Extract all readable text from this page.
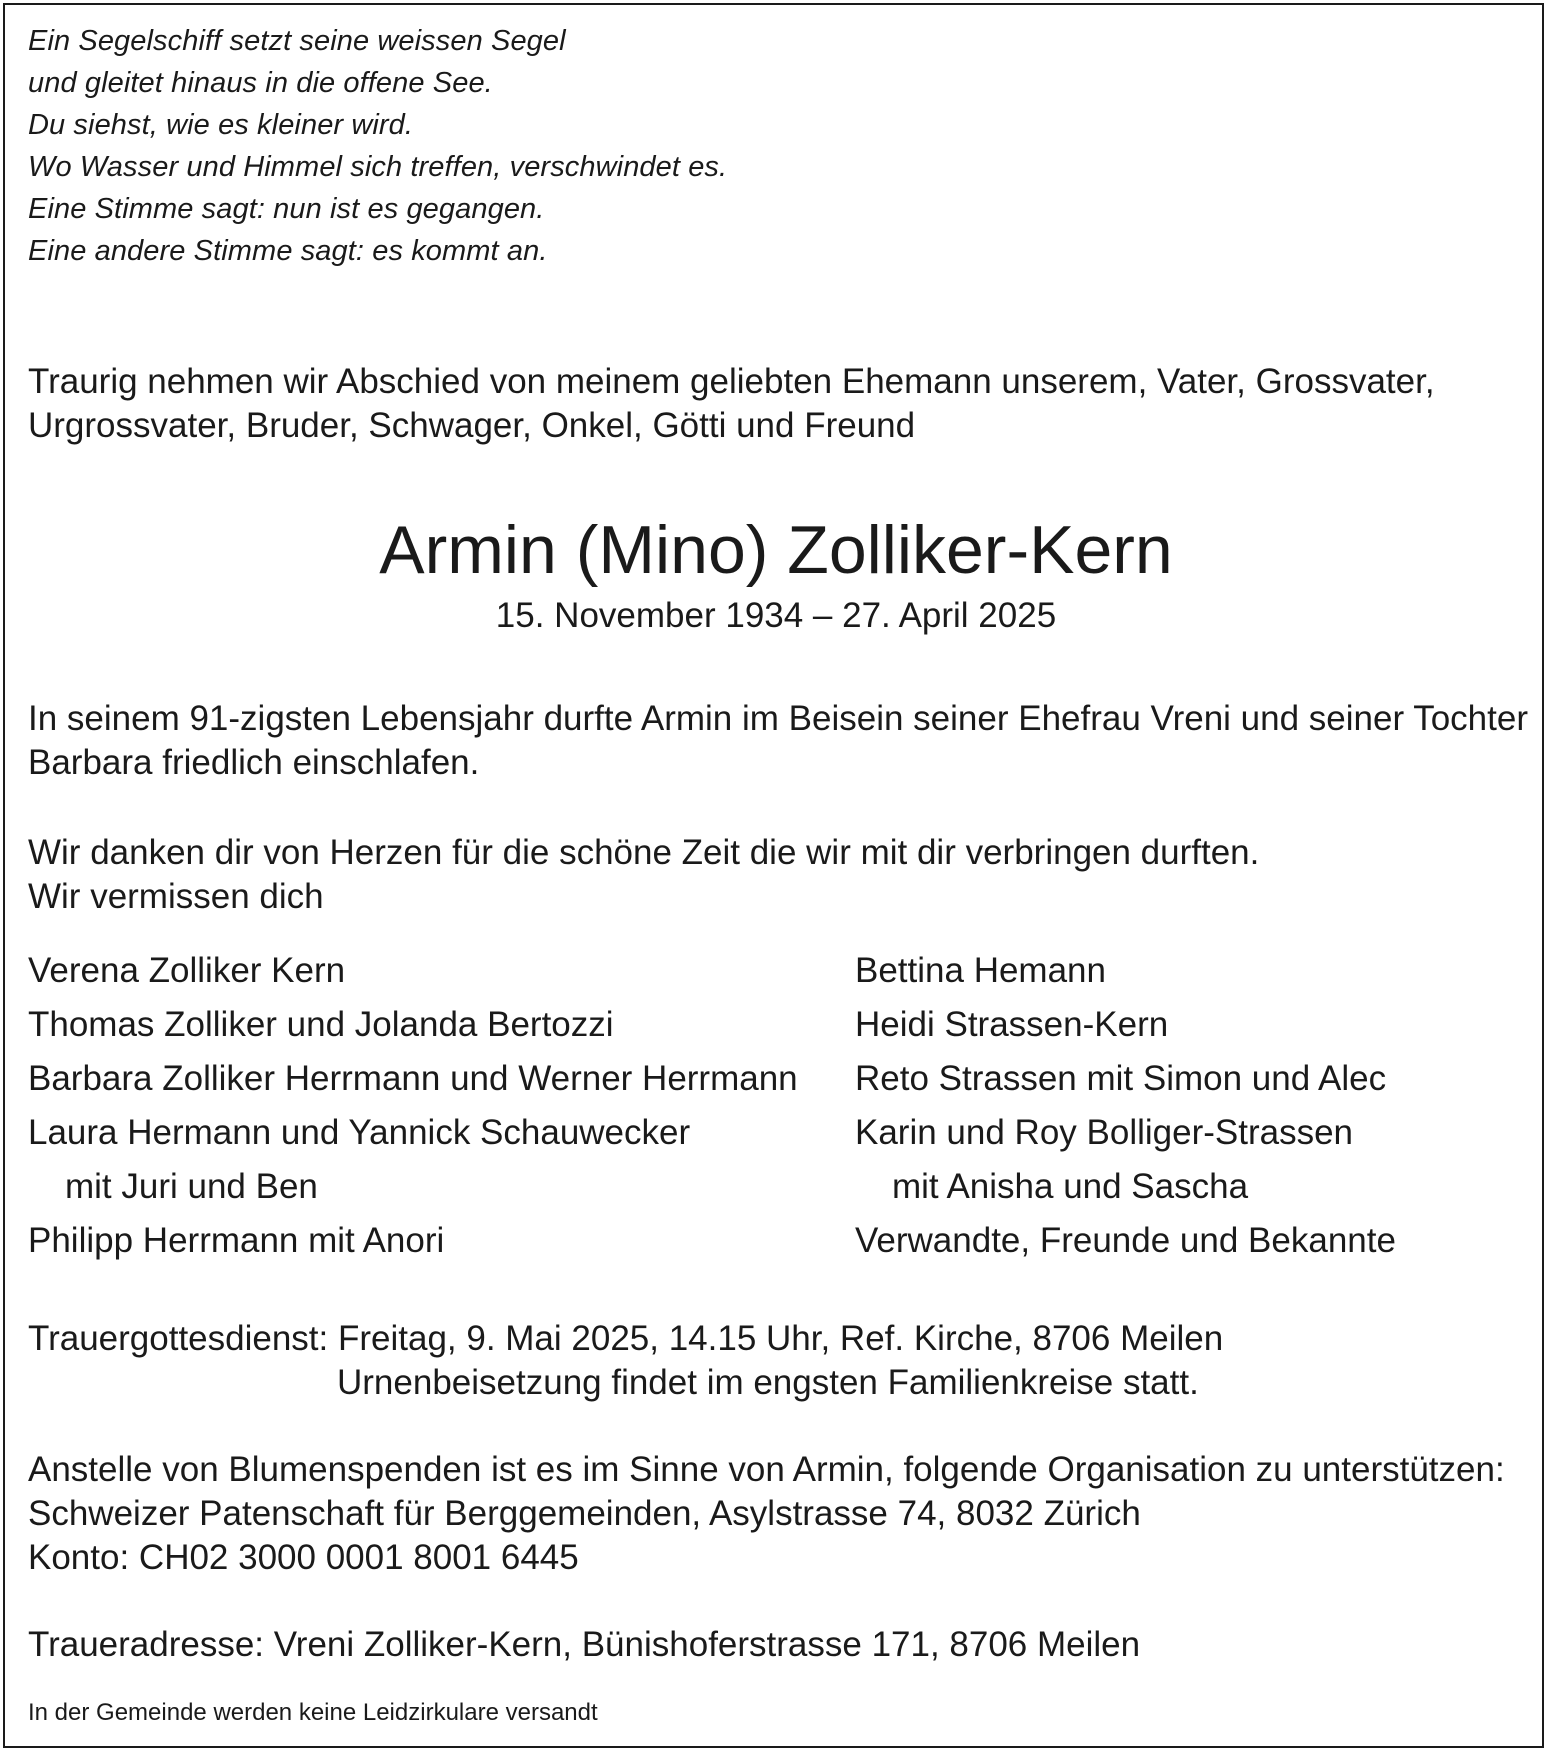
Ein Segelschiff setzt seine weissen Segel
und gleitet hinaus in die offene See.
Du siehst, wie es kleiner wird.
Wo Wasser und Himmel sich treffen, verschwindet es.
Eine Stimme sagt: nun ist es gegangen.
Eine andere Stimme sagt: es kommt an.
Traurig nehmen wir Abschied von meinem geliebten Ehemann unserem, Vater, Grossvater,
Urgrossvater, Bruder, Schwager, Onkel, Götti und Freund
Armin (Mino) Zolliker-Kern
15. November 1934 – 27. April 2025
In seinem 91-zigsten Lebensjahr durfte Armin im Beisein seiner Ehefrau Vreni und seiner Tochter
Barbara friedlich einschlafen.
Wir danken dir von Herzen für die schöne Zeit die wir mit dir verbringen durften.
Wir vermissen dich
Verena Zolliker Kern
Thomas Zolliker und Jolanda Bertozzi
Barbara Zolliker Herrmann und Werner Herrmann
Laura Hermann und Yannick Schauwecker
mit Juri und Ben
Philipp Herrmann mit Anori
Bettina Hemann
Heidi Strassen-Kern
Reto Strassen mit Simon und Alec
Karin und Roy Bolliger-Strassen
mit Anisha und Sascha
Verwandte, Freunde und Bekannte
Trauergottesdienst: Freitag, 9. Mai 2025, 14.15 Uhr, Ref. Kirche, 8706 Meilen
Urnenbeisetzung findet im engsten Familienkreise statt.
Anstelle von Blumenspenden ist es im Sinne von Armin, folgende Organisation zu unterstützen:
Schweizer Patenschaft für Berggemeinden, Asylstrasse 74, 8032 Zürich
Konto: CH02 3000 0001 8001 6445
Traueradresse: Vreni Zolliker-Kern, Bünishoferstrasse 171, 8706 Meilen
In der Gemeinde werden keine Leidzirkulare versandt
